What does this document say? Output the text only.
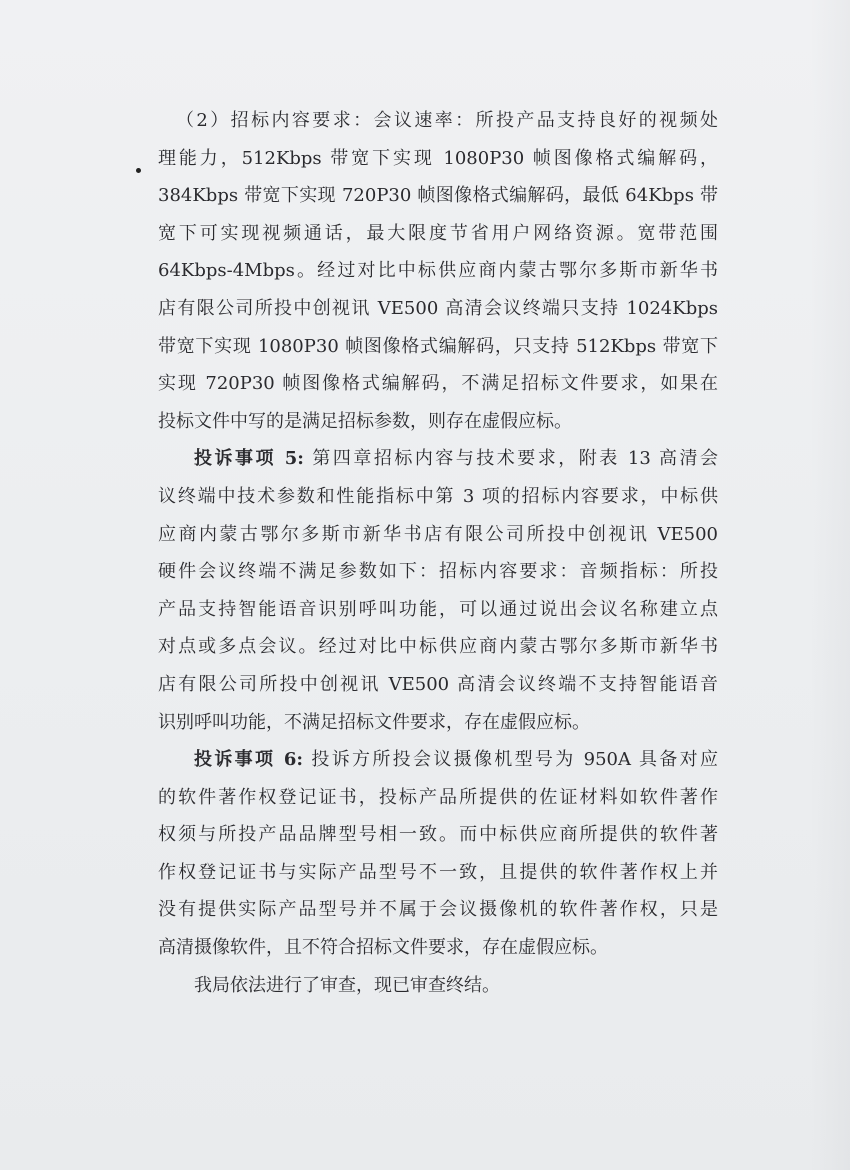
（2）招标内容要求：会议速率：所投产品支持良好的视频处
理能力，512Kbps 带宽下实现 1080P30 帧图像格式编解码，
384Kbps 带宽下实现 720P30 帧图像格式编解码，最低 64Kbps 带
宽下可实现视频通话，最大限度节省用户网络资源。宽带范围
64Kbps-4Mbps。经过对比中标供应商内蒙古鄂尔多斯市新华书
店有限公司所投中创视讯 VE500 高清会议终端只支持 1024Kbps
带宽下实现 1080P30 帧图像格式编解码，只支持 512Kbps 带宽下
实现 720P30 帧图像格式编解码，不满足招标文件要求，如果在
投标文件中写的是满足招标参数，则存在虚假应标。
投诉事项 5: 第四章招标内容与技术要求，附表 13 高清会
议终端中技术参数和性能指标中第 3 项的招标内容要求，中标供
应商内蒙古鄂尔多斯市新华书店有限公司所投中创视讯 VE500
硬件会议终端不满足参数如下：招标内容要求：音频指标：所投
产品支持智能语音识别呼叫功能，可以通过说出会议名称建立点
对点或多点会议。经过对比中标供应商内蒙古鄂尔多斯市新华书
店有限公司所投中创视讯 VE500 高清会议终端不支持智能语音
识别呼叫功能，不满足招标文件要求，存在虚假应标。
投诉事项 6: 投诉方所投会议摄像机型号为 950A 具备对应
的软件著作权登记证书，投标产品所提供的佐证材料如软件著作
权须与所投产品品牌型号相一致。而中标供应商所提供的软件著
作权登记证书与实际产品型号不一致，且提供的软件著作权上并
没有提供实际产品型号并不属于会议摄像机的软件著作权，只是
高清摄像软件，且不符合招标文件要求，存在虚假应标。
我局依法进行了审查，现已审查终结。
